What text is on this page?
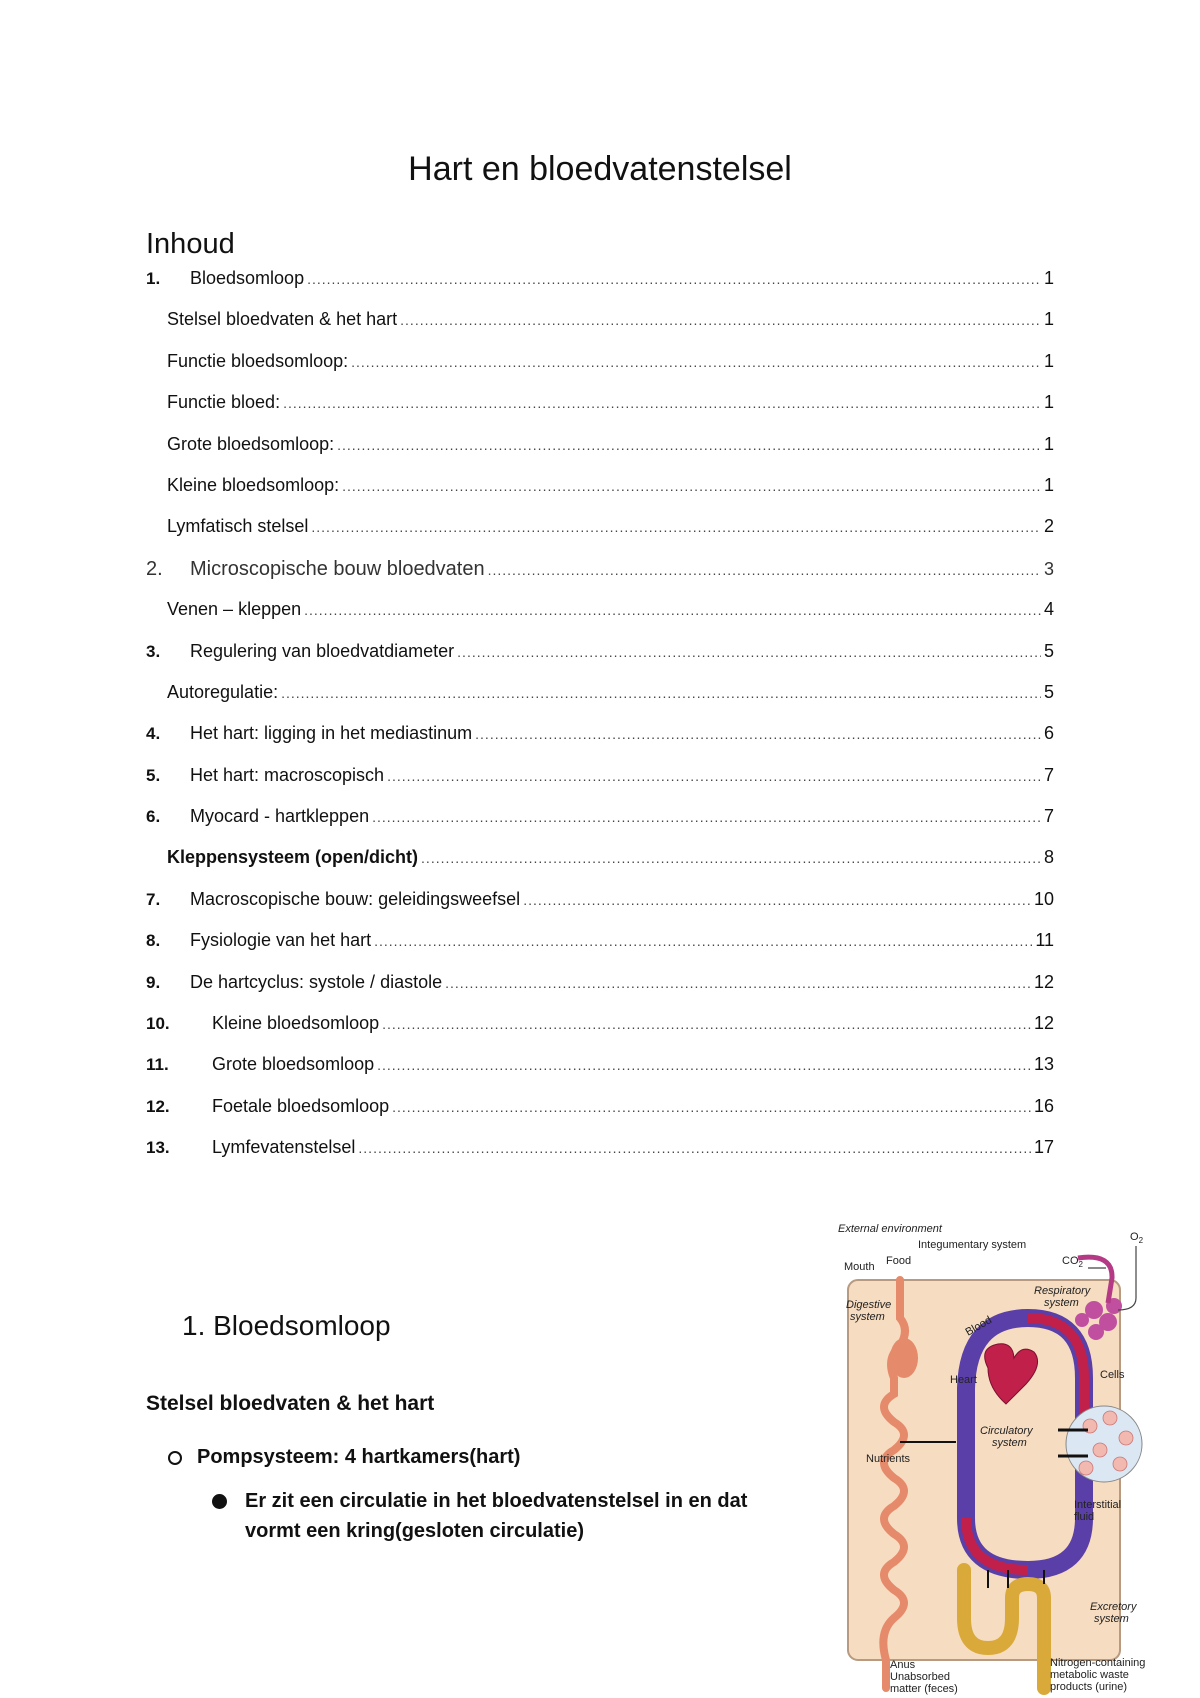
Hart en bloedvatenstelsel
Inhoud
1.	Bloedsomloop .....	1
Stelsel bloedvaten & het hart .....	1
Functie bloedsomloop: .....	1
Functie bloed: .....	1
Grote bloedsomloop: .....	1
Kleine bloedsomloop: .....	1
Lymfatisch stelsel .....	2
2.	Microscopische bouw bloedvaten .....	3
Venen – kleppen .....	4
3.	Regulering van bloedvatdiameter .....	5
Autoregulatie: .....	5
4.	Het hart: ligging in het mediastinum .....	6
5.	Het hart: macroscopisch .....	7
6.	Myocard - hartkleppen .....	7
Kleppensysteem (open/dicht) .....	8
7.	Macroscopische bouw: geleidingsweefsel .....	10
8.	Fysiologie van het hart .....	11
9.	De hartcyclus: systole / diastole .....	12
10.	Kleine bloedsomloop .....	12
11.	Grote bloedsomloop .....	13
12.	Foetale bloedsomloop .....	16
13.	Lymfevatenstelsel .....	17
1. Bloedsomloop
Stelsel bloedvaten & het hart
Pompsysteem: 4 hartkamers(hart)
Er zit een circulatie in het bloedvatenstelsel in en dat vormt een kring(gesloten circulatie)
External environment
Integumentary system
$O_2$
$CO_2$
Mouth Food
Respiratory
system
Digestive
system	Blood
Heart	Cells
Circulatory
system
Nutrients
Interstitial
fluid
Excretory
system
Anus
Unabsorbed
matter (feces)
Nitrogen-containing
metabolic waste
products (urine)
